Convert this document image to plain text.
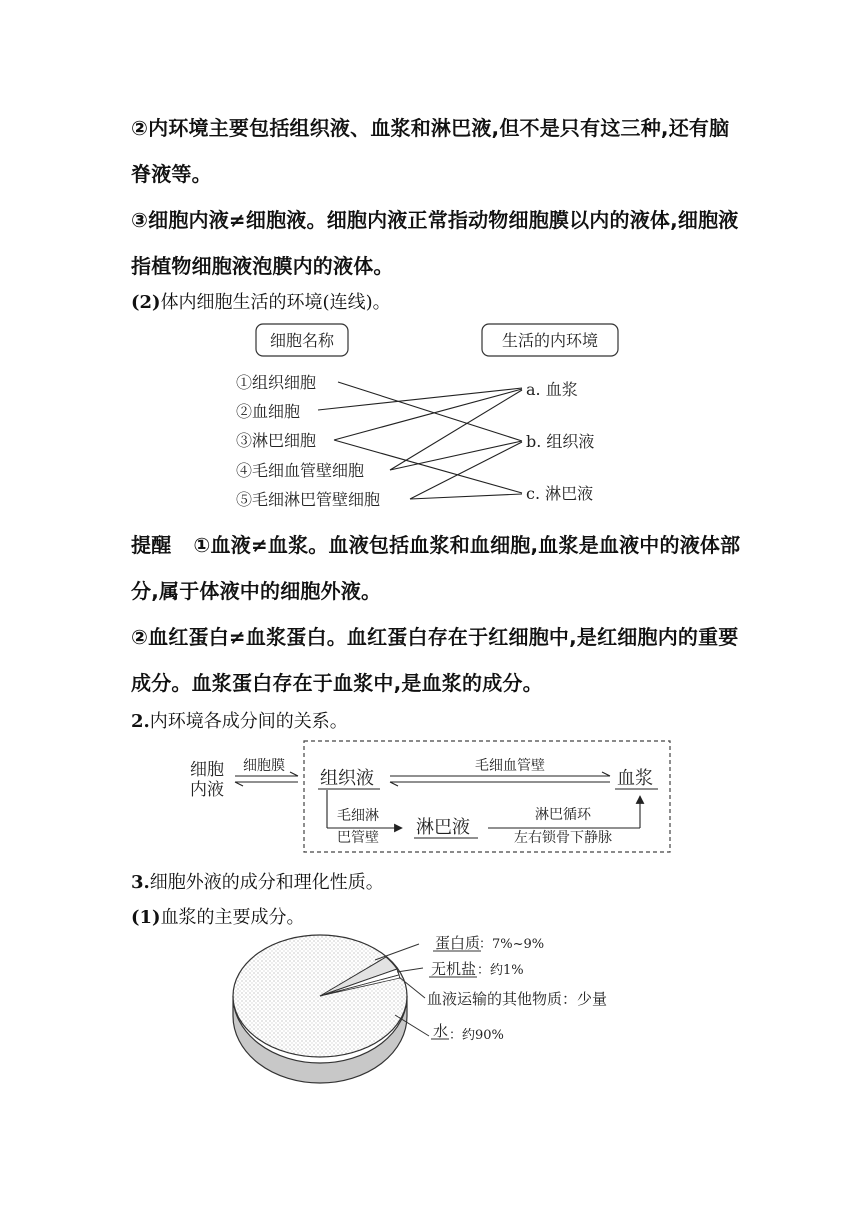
②内环境主要包括组织液、血浆和淋巴液,但不是只有这三种,还有脑
脊液等。
③细胞内液≠细胞液。细胞内液正常指动物细胞膜以内的液体,细胞液
指植物细胞液泡膜内的液体。
(2)体内细胞生活的环境(连线)。
细胞名称	生活的内环境
①组织细胞
②血细胞
③淋巴细胞
④毛细血管壁细胞
⑤毛细淋巴管壁细胞
a. 血浆
b. 组织液
c. 淋巴液
提醒 ①血液≠血浆。血液包括血浆和血细胞,血浆是血液中的液体部
分,属于体液中的细胞外液。
②血红蛋白≠血浆蛋白。血红蛋白存在于红细胞中,是红细胞内的重要
成分。血浆蛋白存在于血浆中,是血浆的成分。
2.内环境各成分间的关系。
细胞
内液
细胞膜
组织液
毛细血管壁
血浆
毛细淋
巴管壁 淋巴液
淋巴循环
左右锁骨下静脉
3.细胞外液的成分和理化性质。
(1)血浆的主要成分。
蛋白质
：7%~9%
无机盐 ：约1%
血液运输的其他物质：少量
水 ：约90%
